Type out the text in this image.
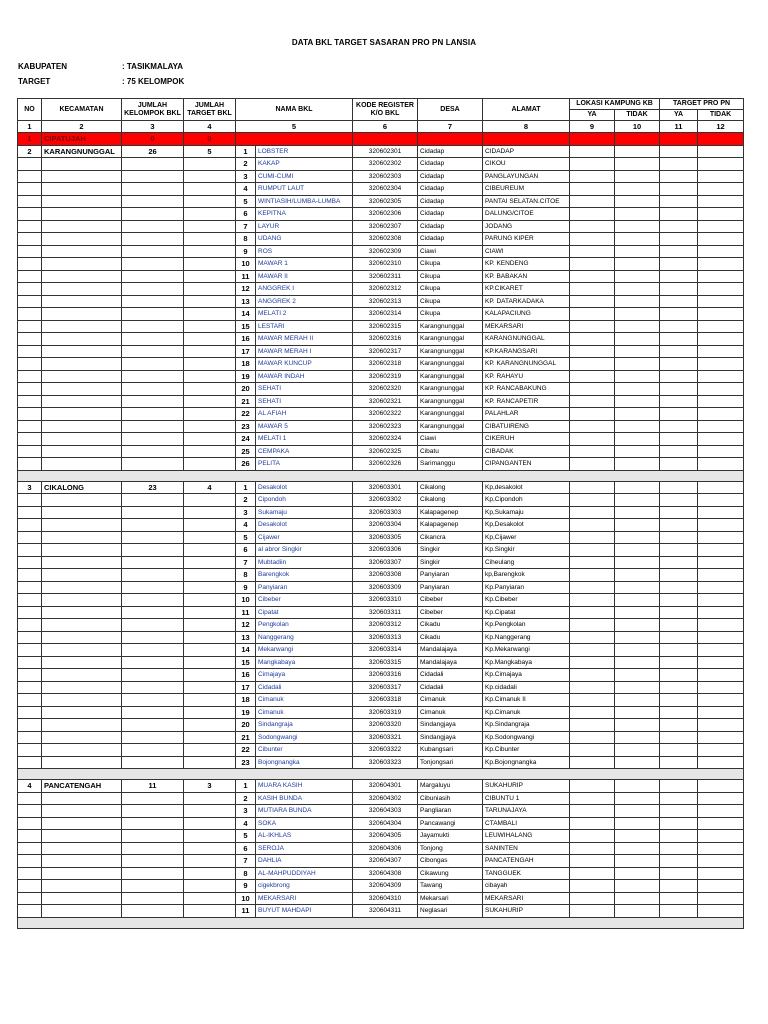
DATA BKL TARGET SASARAN PRO PN LANSIA
KABUPATEN	: TASIKMALAYA
TARGET	: 75 KELOMPOK
NO	KECAMATAN	JUMLAH KELOMPOK BKL	JUMLAH TARGET BKL	NAMA BKL		KODE REGISTER K/O BKL	DESA	ALAMAT	LOKASI KAMPUNG KB		TARGET PRO PN	
									YA	TIDAK	YA	TIDAK
1	2	3	4	5		6	7	8	9	10	11	12
1	CIPATUJAH	0	0									
2	KARANGNUNGGAL	26	5	1	LOBSTER	320602301	Cidadap	CIDADAP				
				2	KAKAP	320602302	Cidadap	CIKOU				
				3	CUMI-CUMI	320602303	Cidadap	PANGLAYUNGAN				
				4	RUMPUT LAUT	320602304	Cidadap	CIBEUREUM				
				5	WINTIASIH/LUMBA-LUMBA	320602305	Cidadap	PANTAI SELATAN.CITOE				
				6	KEPITNA	320602306	Cidadap	DALUNG/CITOE				
				7	LAYUR	320602307	Cidadap	JODANG				
				8	UDANG	320602308	Cidadap	PARUNG KIPER				
				9	ROS	320602309	Ciawi	CIAWI				
				10	MAWAR 1	320602310	Cikupa	KP. KENDENG				
				11	MAWAR II	320602311	Cikupa	KP. BABAKAN				
				12	ANGGREK I	320602312	Cikupa	KP.CIKARET				
				13	ANGGREK 2	320602313	Cikupa	KP. DATARKADAKA				
				14	MELATI 2	320602314	Cikupa	KALAPACIUNG				
				15	LESTARI	320602315	Karangnunggal	MEKARSARI				
				16	MAWAR MERAH II	320602316	Karangnunggal	KARANGNUNGGAL				
				17	MAWAR MERAH I	320602317	Karangnunggal	KP.KARANGSARI				
				18	MAWAR KUNCUP	320602318	Karangnunggal	KP. KARANGNUNGGAL				
				19	MAWAR INDAH	320602319	Karangnunggal	KP. RAHAYU				
				20	SEHATI	320602320	Karangnunggal	KP. RANCABAKUNG				
				21	SEHATI	320602321	Karangnunggal	KP. RANCAPETIR				
				22	AL AFIAH	320602322	Karangnunggal	PALAHLAR				
				23	MAWAR 5	320602323	Karangnunggal	CIBATUIRENG				
				24	MELATI 1	320602324	Ciawi	CIKERUH				
				25	CEMPAKA	320602325	Cibatu	CIBADAK				
				26	PELITA	320602326	Sarimanggu	CIPANGANTEN				

3	CIKALONG	23	4	1	Desakolot	320603301	Cikalong	Kp,desakolot				
				2	Cipondoh	320603302	Cikalong	Kp,Cipondoh				
				3	Sukamaju	320603303	Kalapagenep	Kp,Sukamaju				
				4	Desakolot	320603304	Kalapagenep	Kp,Desakolot				
				5	Cijawer	320603305	Cikancra	Kp,Cijawer				
				6	al abror Singkir	320603306	Singkir	Kp.Singkir				
				7	Mubtadiin	320603307	Singkir	Ciheulang				
				8	Barengkok	320603308	Panyiaran	kp,Barengkok				
				9	Panyiaran	320603309	Panyiaran	Kp.Panyiaran				
				10	Cibeber	320603310	Cibeber	Kp.Cibeber				
				11	Cipatat	320603311	Cibeber	Kp.Cipatat				
				12	Pengkolan	320603312	Cikadu	Kp.Pengkolan				
				13	Nanggerang	320603313	Cikadu	Kp.Nanggerang				
				14	Mekarwangi	320603314	Mandalajaya	Kp.Mekarwangi				
				15	Mangkabaya	320603315	Mandalajaya	Kp.Mangkabaya				
				16	Cimajaya	320603316	Cidadali	Kp.Cimajaya				
				17	Cidadali	320603317	Cidadali	Kp.cidadali				
				18	Cimanuk	320603318	Cimanuk	Kp.Cimanuk II				
				19	Cimanuk	320603319	Cimanuk	Kp.Cimanuk				
				20	Sindangraja	320603320	Sindangjaya	Kp.Sindangraja				
				21	Sodongwangi	320603321	Sindangjaya	Kp.Sodongwangi				
				22	Cibunter	320603322	Kubangsari	Kp.Cibunter				
				23	Bojongnangka	320603323	Tonjongsari	Kp.Bojongnangka				

4	PANCATENGAH	11	3	1	MUARA KASIH	320604301	Margaluyu	SUKAHURIP				
				2	KASIH BUNDA	320604302	Cibuniasih	CIBUNTU 1				
				3	MUTIARA BUNDA	320604303	Pangliaran	TARUNAJAYA				
				4	SOKA	320604304	Pancawangi	CTAMBALI				
				5	AL-IKHLAS	320604305	Jayamukti	LEUWIHALANG				
				6	SEROJA	320604306	Tonjong	SANINTEN				
				7	DAHLIA	320604307	Cibongas	PANCATENGAH				
				8	AL-MAHPUDDIYAH	320604308	Cikawung	TANGGUEK				
				9	cigekbrong	320604309	Tawang	cibayah				
				10	MEKARSARI	320604310	Mekarsari	MEKARSARI				
				11	BUYUT MAHDAPI	320604311	Neglasari	SUKAHURIP				
